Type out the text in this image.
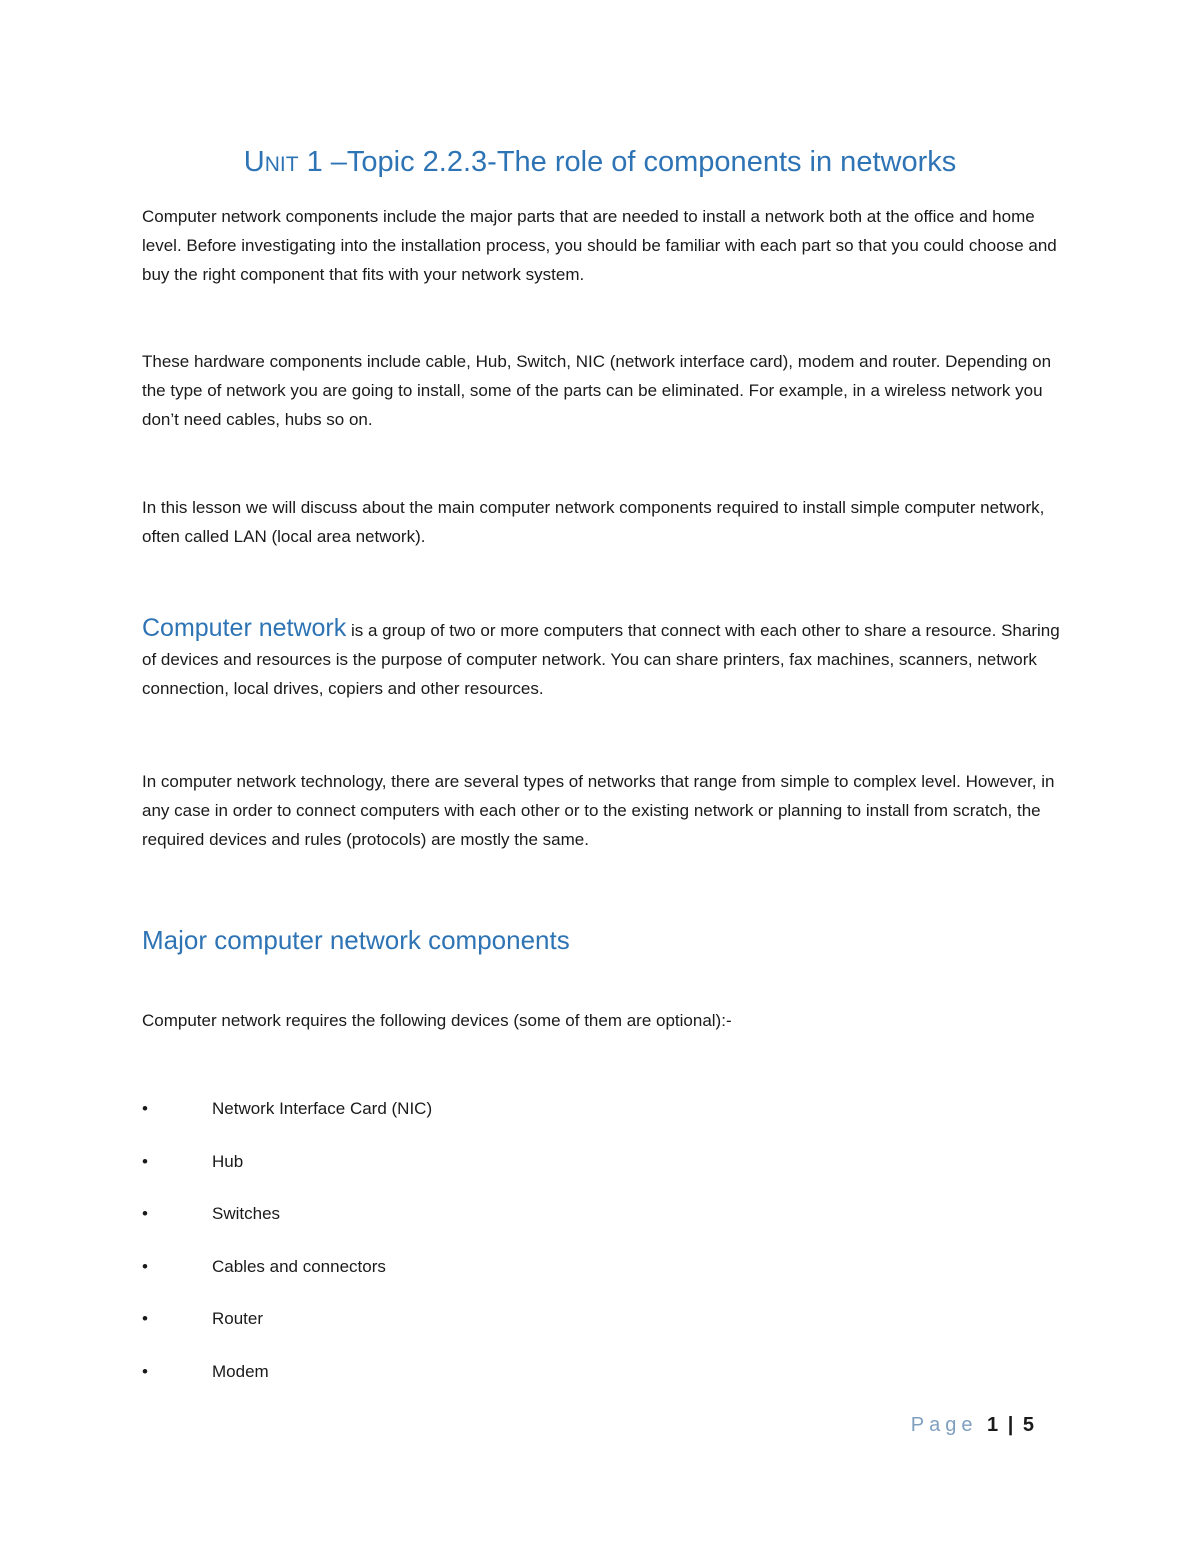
UNIT 1 –Topic 2.2.3-The role of components in networks

Computer network components include the major parts that are needed to install a network both at the office and home level. Before investigating into the installation process, you should be familiar with each part so that you could choose and buy the right component that fits with your network system.

These hardware components include cable, Hub, Switch, NIC (network interface card), modem and router. Depending on the type of network you are going to install, some of the parts can be eliminated. For example, in a wireless network you don’t need cables, hubs so on.

In this lesson we will discuss about the main computer network components required to install simple computer network, often called LAN (local area network).

Computer network is a group of two or more computers that connect with each other to share a resource. Sharing of devices and resources is the purpose of computer network. You can share printers, fax machines, scanners, network connection, local drives, copiers and other resources.

In computer network technology, there are several types of networks that range from simple to complex level. However, in any case in order to connect computers with each other or to the existing network or planning to install from scratch, the required devices and rules (protocols) are mostly the same.

Major computer network components

Computer network requires the following devices (some of them are optional):-

•	Network Interface Card (NIC)
•	Hub
•	Switches
•	Cables and connectors
•	Router
•	Modem
Page 1 | 5
